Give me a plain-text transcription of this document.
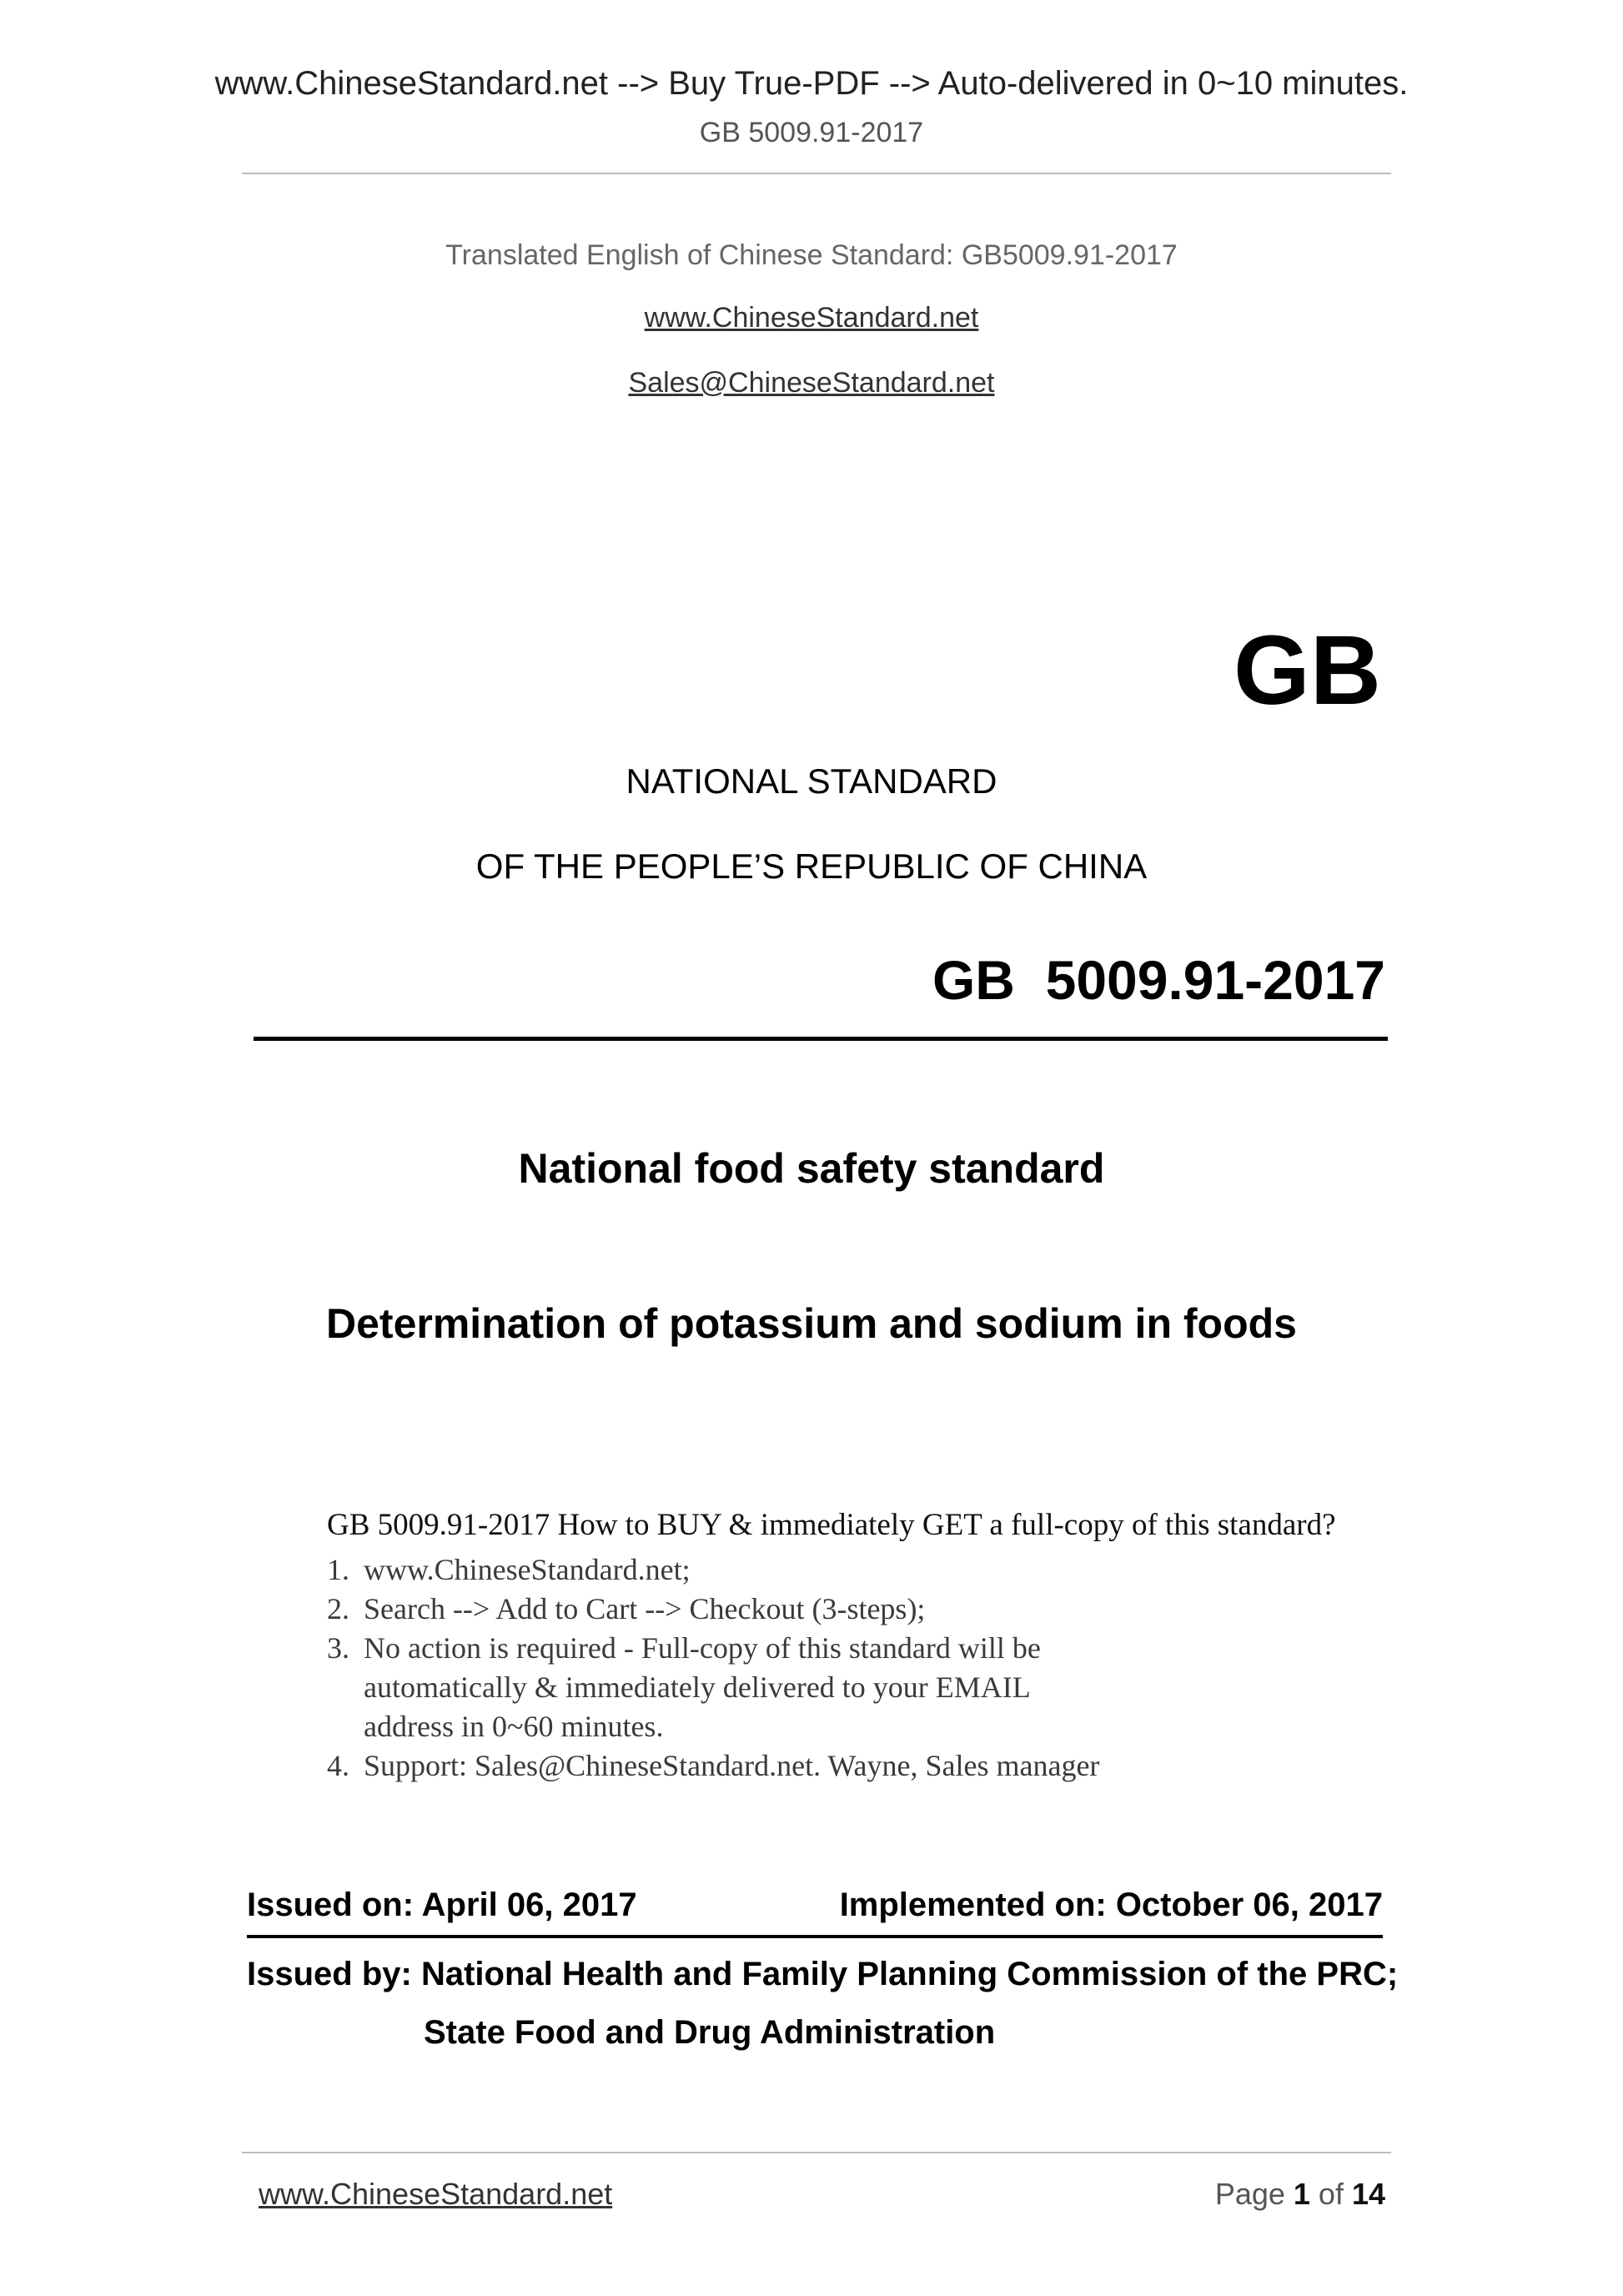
www.ChineseStandard.net --> Buy True-PDF --> Auto-delivered in 0~10 minutes.
GB 5009.91-2017
Translated English of Chinese Standard: GB5009.91-2017
www.ChineseStandard.net
Sales@ChineseStandard.net
GB
NATIONAL STANDARD
OF THE PEOPLE’S REPUBLIC OF CHINA
GB  5009.91-2017
National food safety standard
Determination of potassium and sodium in foods

GB 5009.91-2017 How to BUY & immediately GET a full-copy of this standard?

1. www.ChineseStandard.net;
2. Search --> Add to Cart --> Checkout (3-steps);
3. No action is required - Full-copy of this standard will be automatically & immediately delivered to your EMAIL address in 0~60 minutes.
4. Support: Sales@ChineseStandard.net. Wayne, Sales manager
Issued on: April 06, 2017	Implemented on: October 06, 2017
Issued by: National Health and Family Planning Commission of the PRC;
State Food and Drug Administration
www.ChineseStandard.net	Page 1 of 14
